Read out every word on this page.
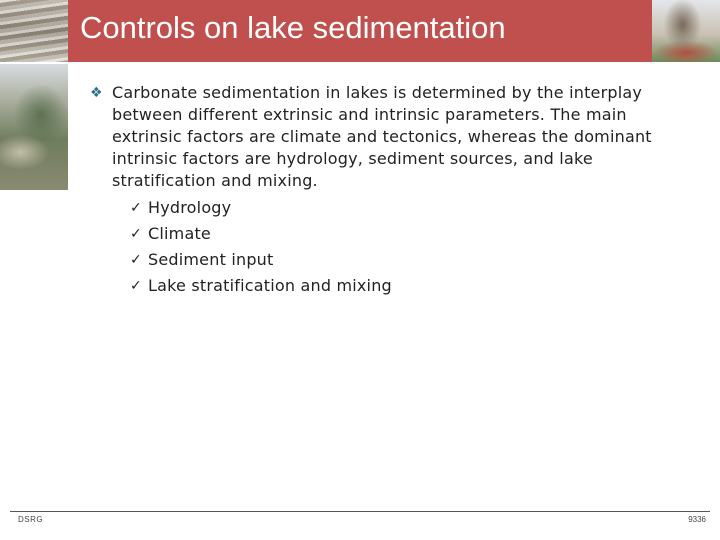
Controls on lake sedimentation
❖ Carbonate sedimentation in lakes is determined by the interplay between different extrinsic and intrinsic parameters. The main extrinsic factors are climate and tectonics, whereas the dominant intrinsic factors are hydrology, sediment sources, and lake stratification and mixing.
✓ Hydrology
✓ Climate
✓ Sediment input
✓ Lake stratification and mixing
DSRG	9336
